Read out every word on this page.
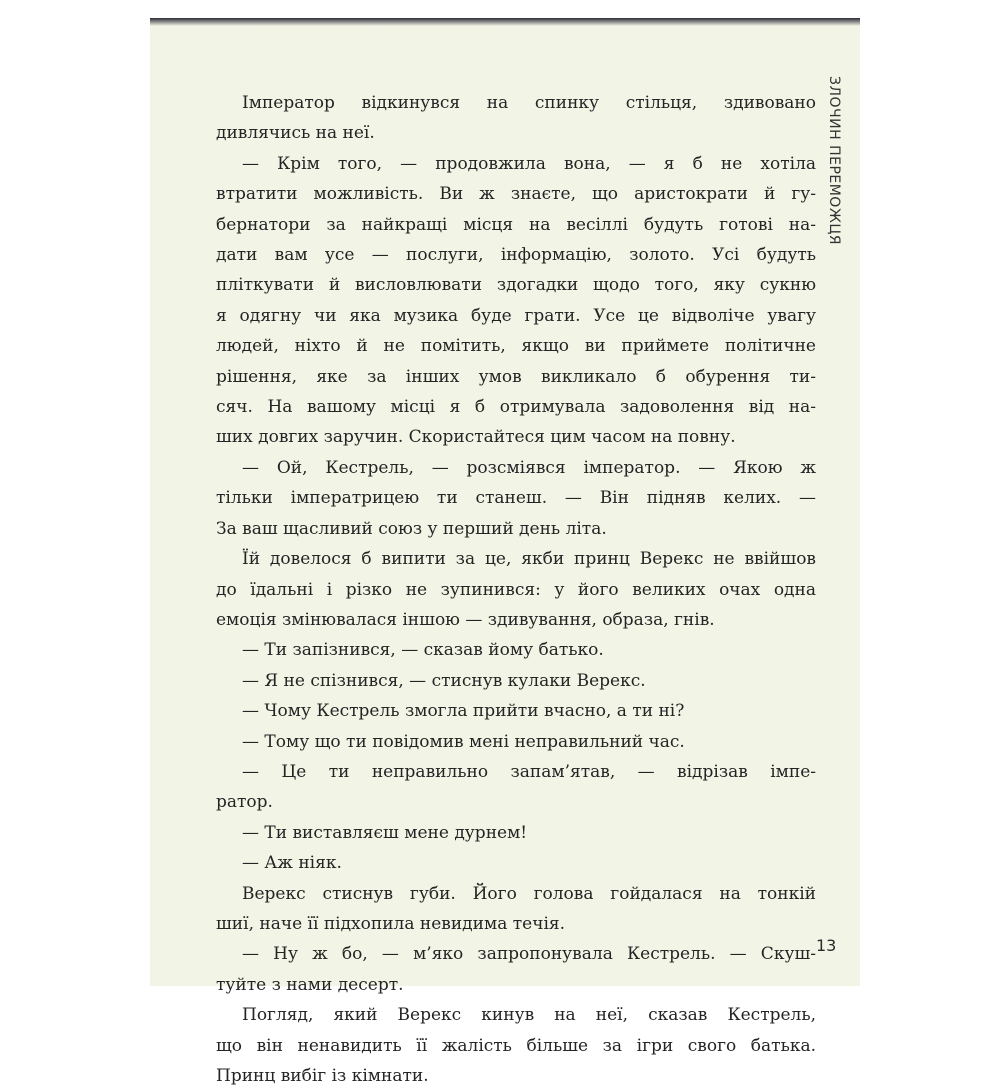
Імператор відкинувся на спинку стільця, здивовано
дивлячись на неї.

— Крім того, — продовжила вона, — я б не хотіла
втратити можливість. Ви ж знаєте, що аристократи й гу-
бернатори за найкращі місця на весіллі будуть готові на-
дати вам усе — послуги, інформацію, золото. Усі будуть
пліткувати й висловлювати здогадки щодо того, яку сукню
я одягну чи яка музика буде грати. Усе це відволіче увагу
людей, ніхто й не помітить, якщо ви приймете політичне
рішення, яке за інших умов викликало б обурення ти-
сяч. На вашому місці я б отримувала задоволення від на-
ших довгих заручин. Скористайтеся цим часом на повну.

— Ой, Кестрель, — розсміявся імператор. — Якою ж
тільки імператрицею ти станеш. — Він підняв келих. —
За ваш щасливий союз у перший день літа.

Їй довелося б випити за це, якби принц Верекс не ввійшов
до їдальні і різко не зупинився: у його великих очах одна
емоція змінювалася іншою — здивування, образа, гнів.

— Ти запізнився, — сказав йому батько.

— Я не спізнився, — стиснув кулаки Верекс.

— Чому Кестрель змогла прийти вчасно, а ти ні?

— Тому що ти повідомив мені неправильний час.

— Це ти неправильно запам’ятав, — відрізав імпе-
ратор.

— Ти виставляєш мене дурнем!

— Аж ніяк.

Верекс стиснув губи. Його голова гойдалася на тонкій
шиї, наче її підхопила невидима течія.

— Ну ж бо, — м’яко запропонувала Кестрель. — Скуш-
туйте з нами десерт.

Погляд, який Верекс кинув на неї, сказав Кестрель,
що він ненавидить її жалість більше за ігри свого батька.
Принц вибіг із кімнати.

ЗЛОЧИН ПЕРЕМОЖЦЯ
13
